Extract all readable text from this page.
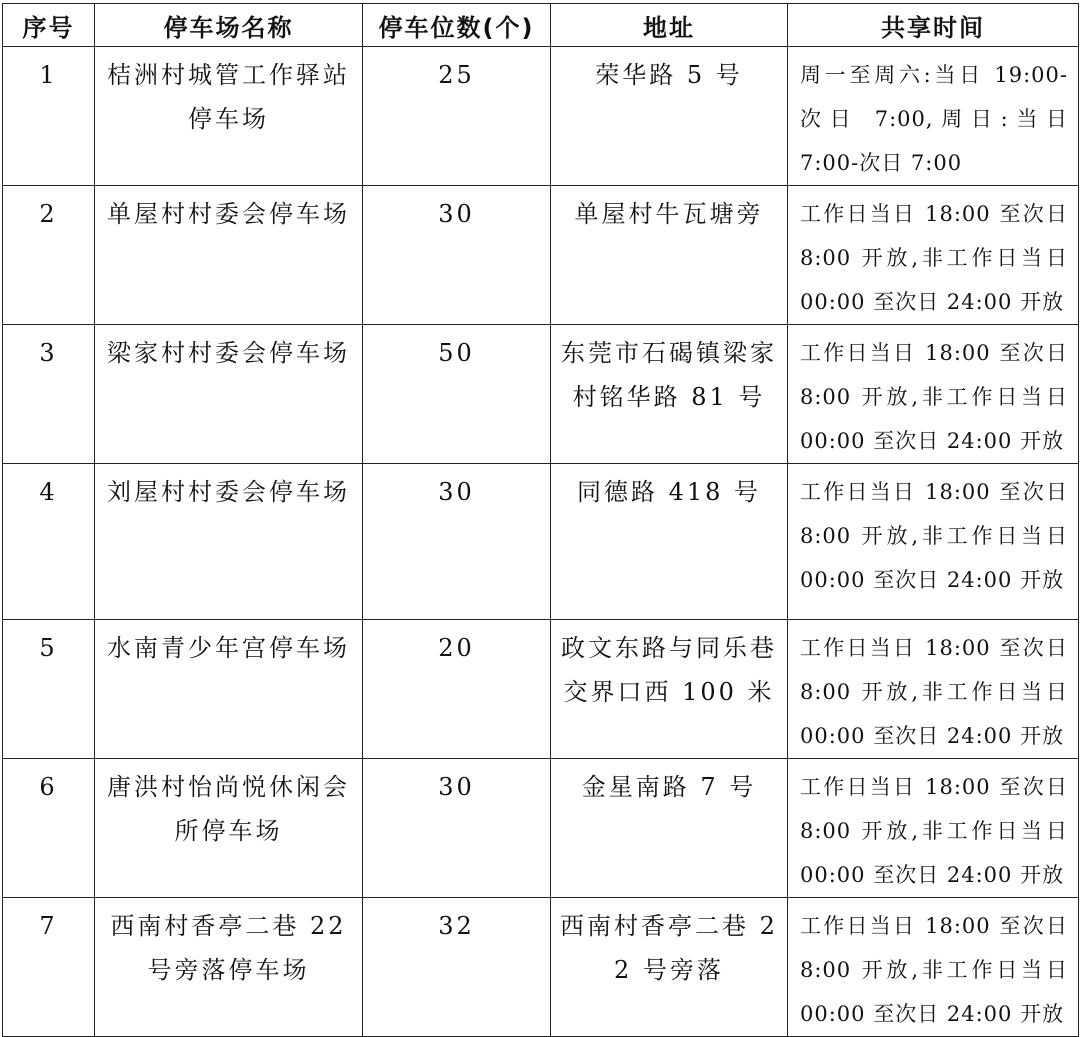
序号	停车场名称	停车位数(个)	地址	共享时间
1	桔洲村城管工作驿站停车场	25	荣华路 5 号	周一至周六:当日 19:00-
次日 7:00,周日:当日
7:00-次日 7:00

2	单屋村村委会停车场	30	单屋村牛瓦塘旁	工作日当日 18:00 至次日
8:00 开放,非工作日当日
00:00 至次日 24:00 开放

3	梁家村村委会停车场	50	东莞市石碣镇梁家村铭华路 81 号	工作日当日 18:00 至次日
8:00 开放,非工作日当日
00:00 至次日 24:00 开放

4	刘屋村村委会停车场	30	同德路 418 号	工作日当日 18:00 至次日
8:00 开放,非工作日当日
00:00 至次日 24:00 开放

5	水南青少年宫停车场	20	政文东路与同乐巷交界口西 100 米	工作日当日 18:00 至次日
8:00 开放,非工作日当日
00:00 至次日 24:00 开放

6	唐洪村怡尚悦休闲会所停车场	30	金星南路 7 号	工作日当日 18:00 至次日
8:00 开放,非工作日当日
00:00 至次日 24:00 开放

7	西南村香亭二巷 22 号旁落停车场	32	西南村香亭二巷 22 号旁落	工作日当日 18:00 至次日
8:00 开放,非工作日当日
00:00 至次日 24:00 开放
